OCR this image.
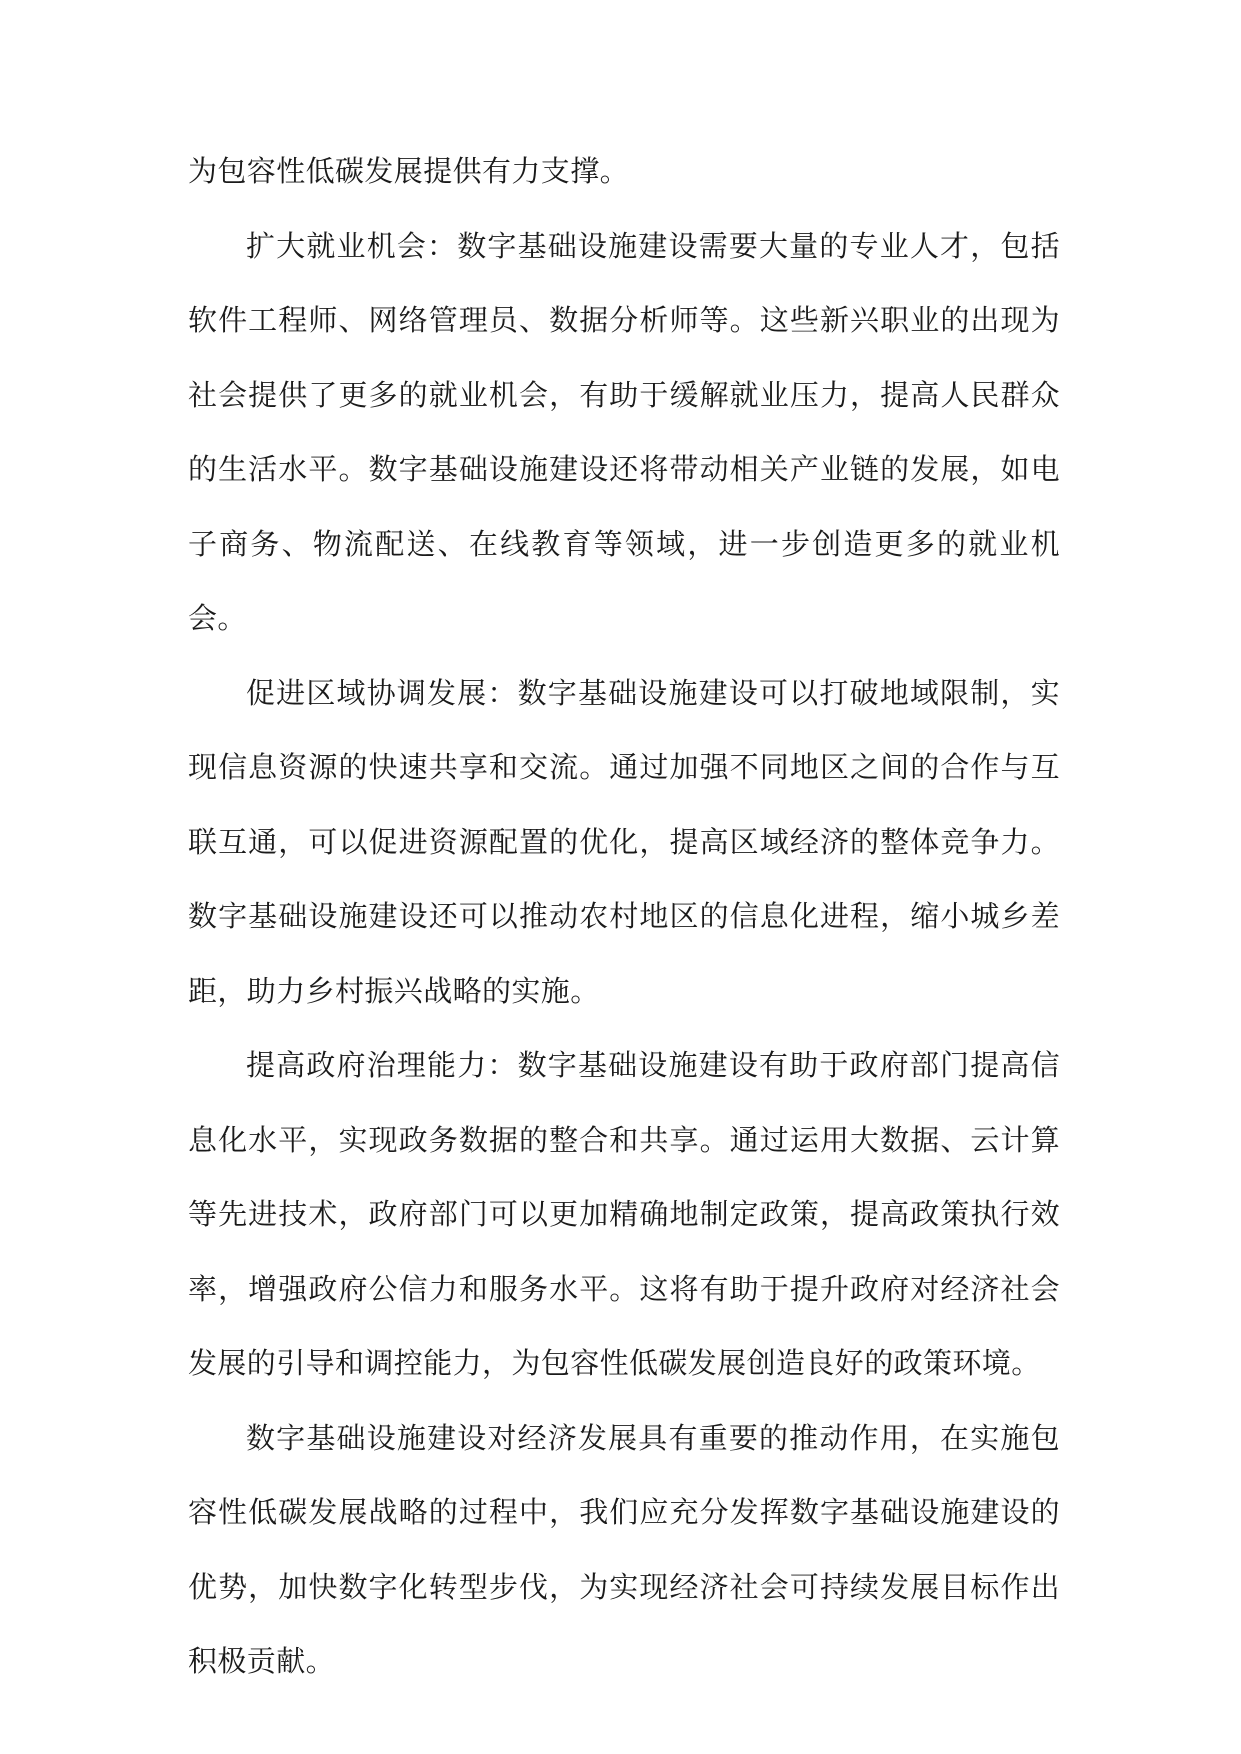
为包容性低碳发展提供有力支撑。

扩大就业机会：数字基础设施建设需要大量的专业人才，包括软件工程师、网络管理员、数据分析师等。这些新兴职业的出现为社会提供了更多的就业机会，有助于缓解就业压力，提高人民群众的生活水平。数字基础设施建设还将带动相关产业链的发展，如电子商务、物流配送、在线教育等领域，进一步创造更多的就业机会。

促进区域协调发展：数字基础设施建设可以打破地域限制，实现信息资源的快速共享和交流。通过加强不同地区之间的合作与互联互通，可以促进资源配置的优化，提高区域经济的整体竞争力。数字基础设施建设还可以推动农村地区的信息化进程，缩小城乡差距，助力乡村振兴战略的实施。

提高政府治理能力：数字基础设施建设有助于政府部门提高信息化水平，实现政务数据的整合和共享。通过运用大数据、云计算等先进技术，政府部门可以更加精确地制定政策，提高政策执行效率，增强政府公信力和服务水平。这将有助于提升政府对经济社会发展的引导和调控能力，为包容性低碳发展创造良好的政策环境。

数字基础设施建设对经济发展具有重要的推动作用，在实施包容性低碳发展战略的过程中，我们应充分发挥数字基础设施建设的优势，加快数字化转型步伐，为实现经济社会可持续发展目标作出积极贡献。
